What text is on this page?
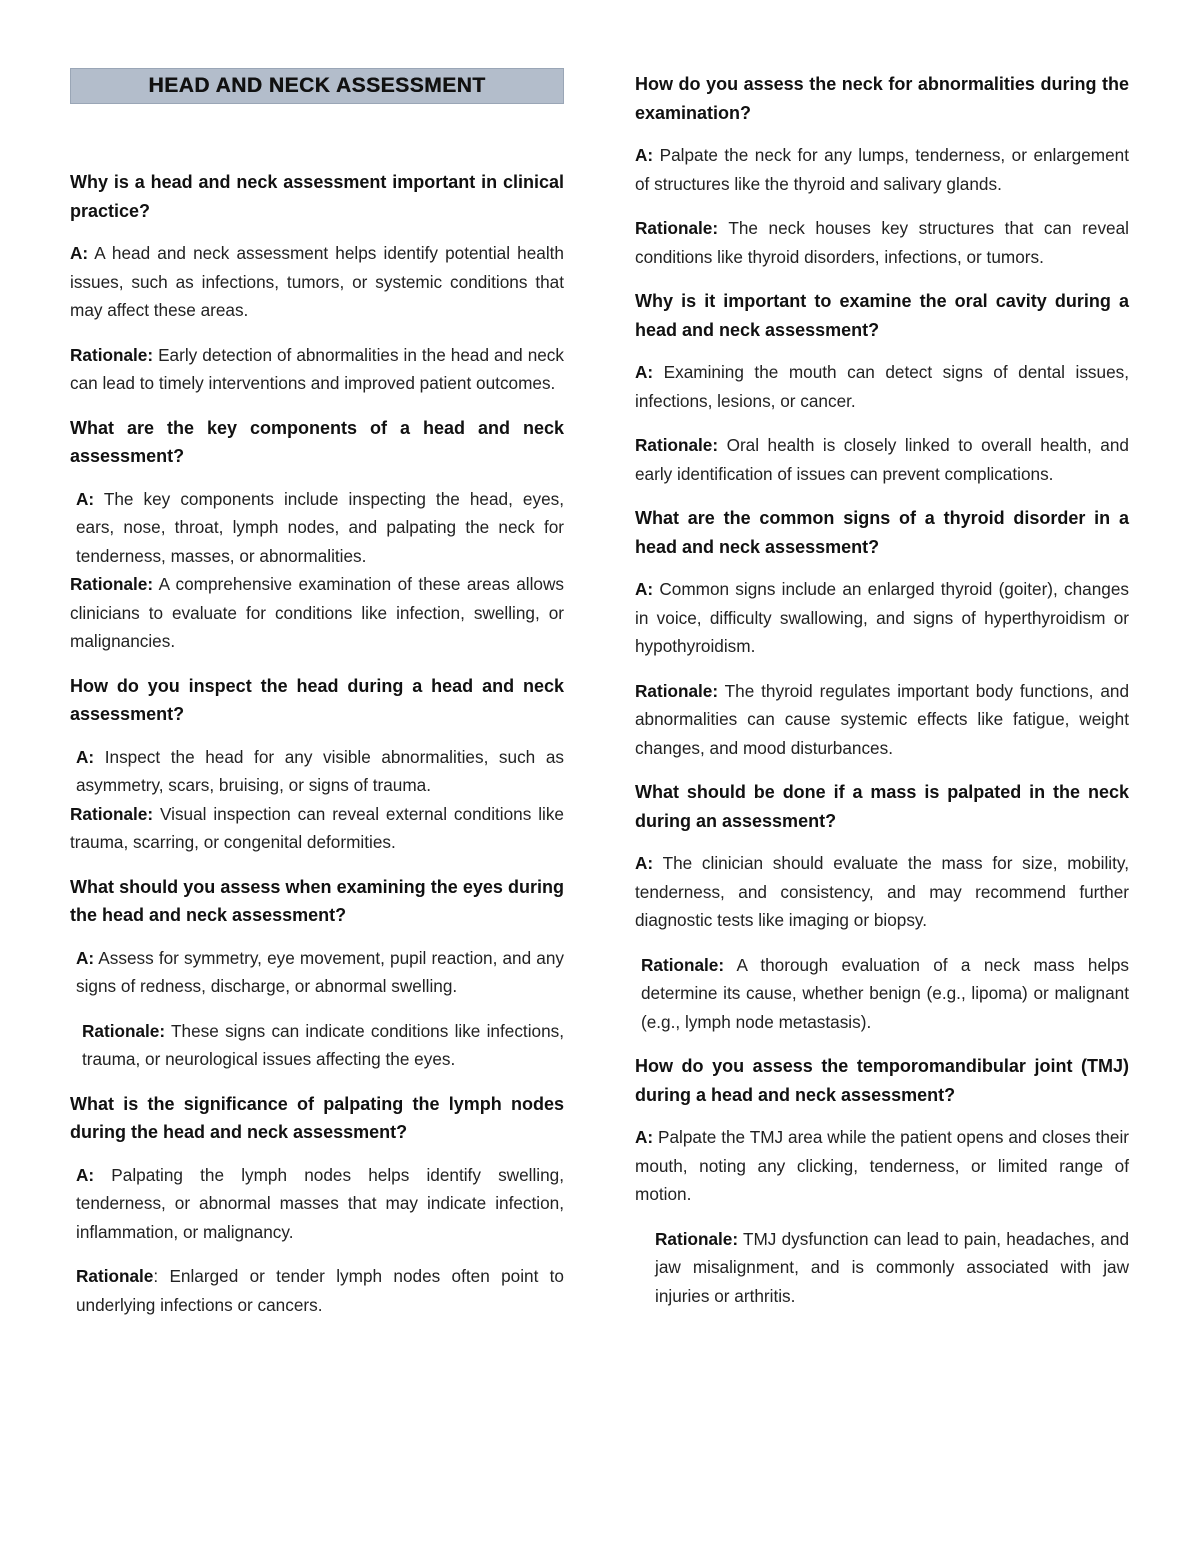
HEAD AND NECK ASSESSMENT

Why is a head and neck assessment important in clinical practice?

A: A head and neck assessment helps identify potential health issues, such as infections, tumors, or systemic conditions that may affect these areas.

Rationale: Early detection of abnormalities in the head and neck can lead to timely interventions and improved patient outcomes.

What are the key components of a head and neck assessment?

A: The key components include inspecting the head, eyes, ears, nose, throat, lymph nodes, and palpating the neck for tenderness, masses, or abnormalities.

Rationale: A comprehensive examination of these areas allows clinicians to evaluate for conditions like infection, swelling, or malignancies.

How do you inspect the head during a head and neck assessment?

A: Inspect the head for any visible abnormalities, such as asymmetry, scars, bruising, or signs of trauma.

Rationale: Visual inspection can reveal external conditions like trauma, scarring, or congenital deformities.

What should you assess when examining the eyes during the head and neck assessment?

A: Assess for symmetry, eye movement, pupil reaction, and any signs of redness, discharge, or abnormal swelling.

Rationale: These signs can indicate conditions like infections, trauma, or neurological issues affecting the eyes.

What is the significance of palpating the lymph nodes during the head and neck assessment?

A: Palpating the lymph nodes helps identify swelling, tenderness, or abnormal masses that may indicate infection, inflammation, or malignancy.

Rationale: Enlarged or tender lymph nodes often point to underlying infections or cancers.

How do you assess the neck for abnormalities during the examination?

A: Palpate the neck for any lumps, tenderness, or enlargement of structures like the thyroid and salivary glands.

Rationale: The neck houses key structures that can reveal conditions like thyroid disorders, infections, or tumors.

Why is it important to examine the oral cavity during a head and neck assessment?

A: Examining the mouth can detect signs of dental issues, infections, lesions, or cancer.

Rationale: Oral health is closely linked to overall health, and early identification of issues can prevent complications.

What are the common signs of a thyroid disorder in a head and neck assessment?

A: Common signs include an enlarged thyroid (goiter), changes in voice, difficulty swallowing, and signs of hyperthyroidism or hypothyroidism.

Rationale: The thyroid regulates important body functions, and abnormalities can cause systemic effects like fatigue, weight changes, and mood disturbances.

What should be done if a mass is palpated in the neck during an assessment?

A: The clinician should evaluate the mass for size, mobility, tenderness, and consistency, and may recommend further diagnostic tests like imaging or biopsy.

Rationale: A thorough evaluation of a neck mass helps determine its cause, whether benign (e.g., lipoma) or malignant (e.g., lymph node metastasis).

How do you assess the temporomandibular joint (TMJ) during a head and neck assessment?

A: Palpate the TMJ area while the patient opens and closes their mouth, noting any clicking, tenderness, or limited range of motion.

Rationale: TMJ dysfunction can lead to pain, headaches, and jaw misalignment, and is commonly associated with jaw injuries or arthritis.
